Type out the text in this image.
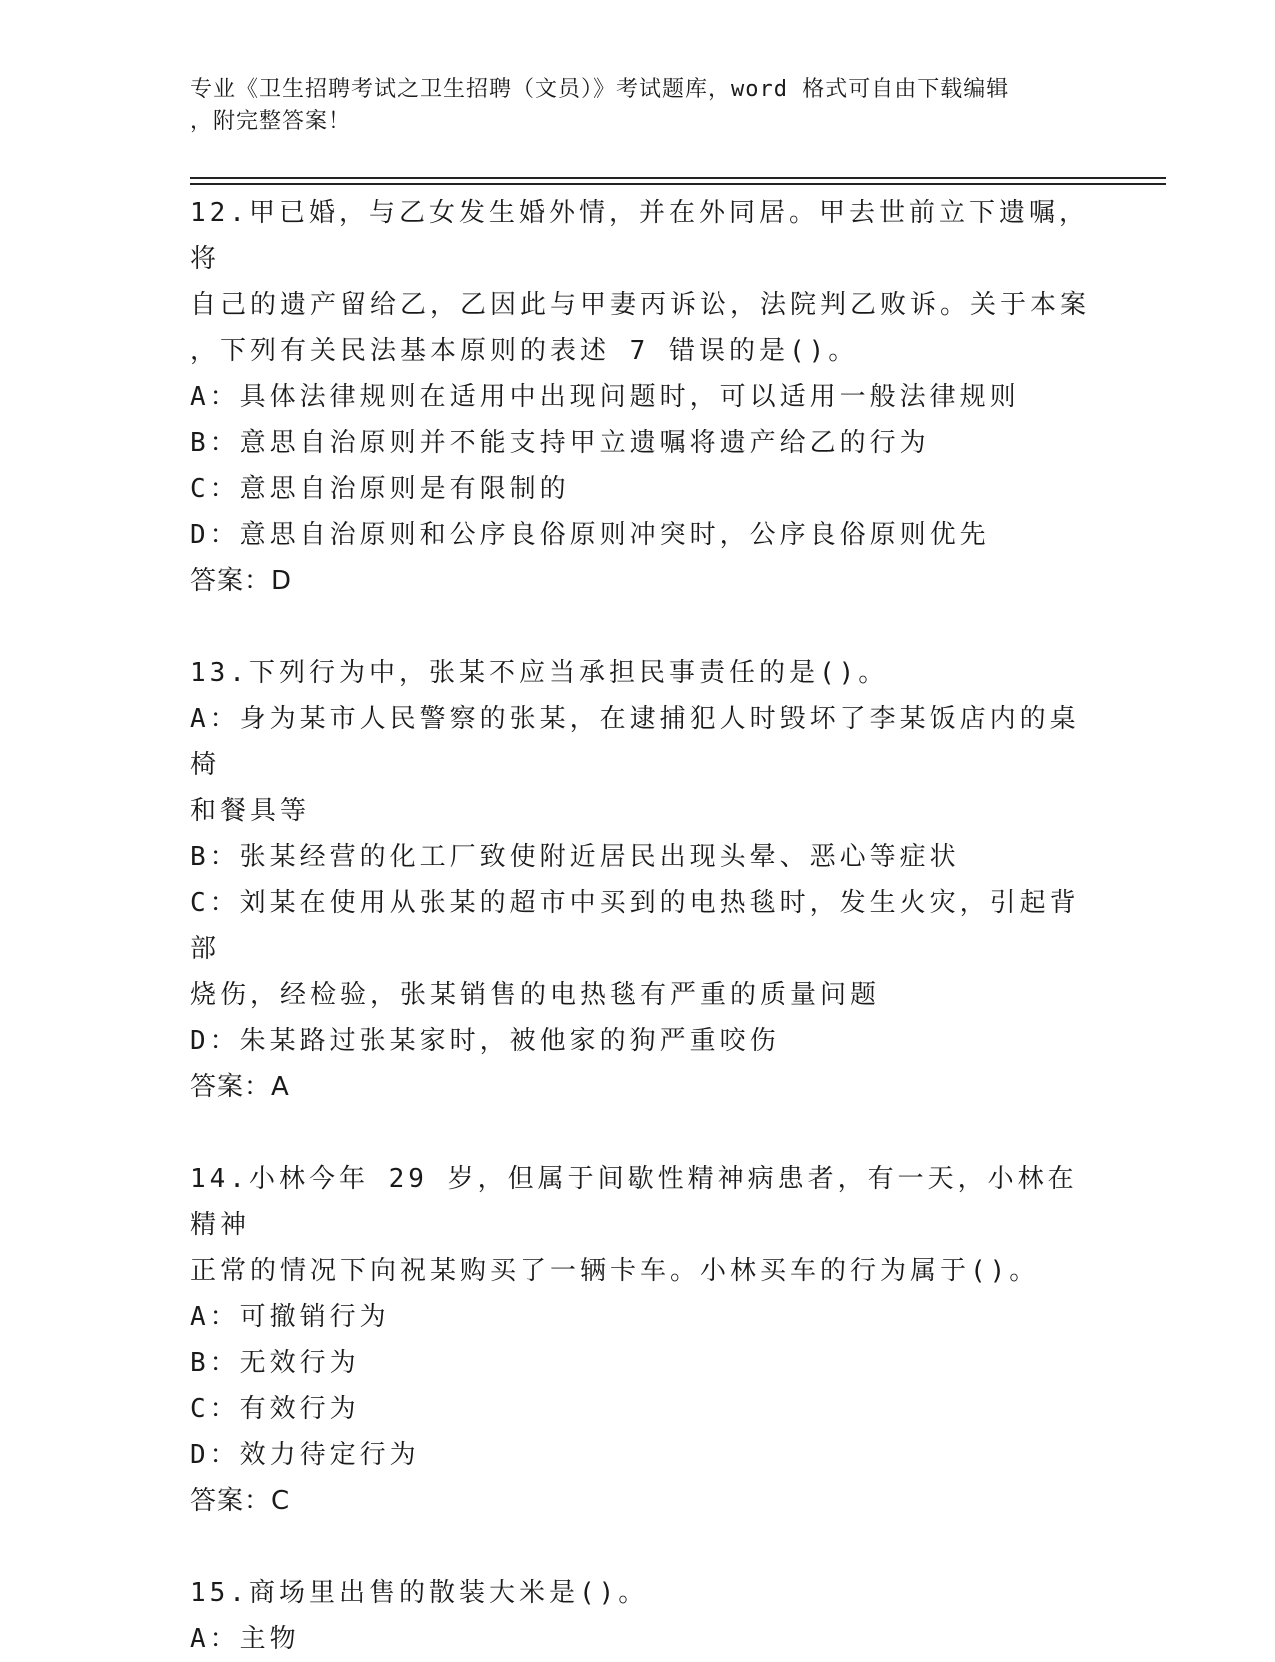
专业《卫生招聘考试之卫生招聘（文员）》考试题库，word 格式可自由下载编辑
，附完整答案！
12.甲已婚，与乙女发生婚外情，并在外同居。甲去世前立下遗嘱，将
自己的遗产留给乙，乙因此与甲妻丙诉讼，法院判乙败诉。关于本案
，下列有关民法基本原则的表述 7 错误的是()。
A：具体法律规则在适用中出现问题时，可以适用一般法律规则
B：意思自治原则并不能支持甲立遗嘱将遗产给乙的行为
C：意思自治原则是有限制的
D：意思自治原则和公序良俗原则冲突时，公序良俗原则优先
答案：D
13.下列行为中，张某不应当承担民事责任的是()。
A：身为某市人民警察的张某，在逮捕犯人时毁坏了李某饭店内的桌椅
和餐具等
B：张某经营的化工厂致使附近居民出现头晕、恶心等症状
C：刘某在使用从张某的超市中买到的电热毯时，发生火灾，引起背部
烧伤，经检验，张某销售的电热毯有严重的质量问题
D：朱某路过张某家时，被他家的狗严重咬伤
答案：A
14.小林今年 29 岁，但属于间歇性精神病患者，有一天，小林在精神
正常的情况下向祝某购买了一辆卡车。小林买车的行为属于()。
A：可撤销行为
B：无效行为
C：有效行为
D：效力待定行为
答案：C
15.商场里出售的散装大米是()。
A：主物
